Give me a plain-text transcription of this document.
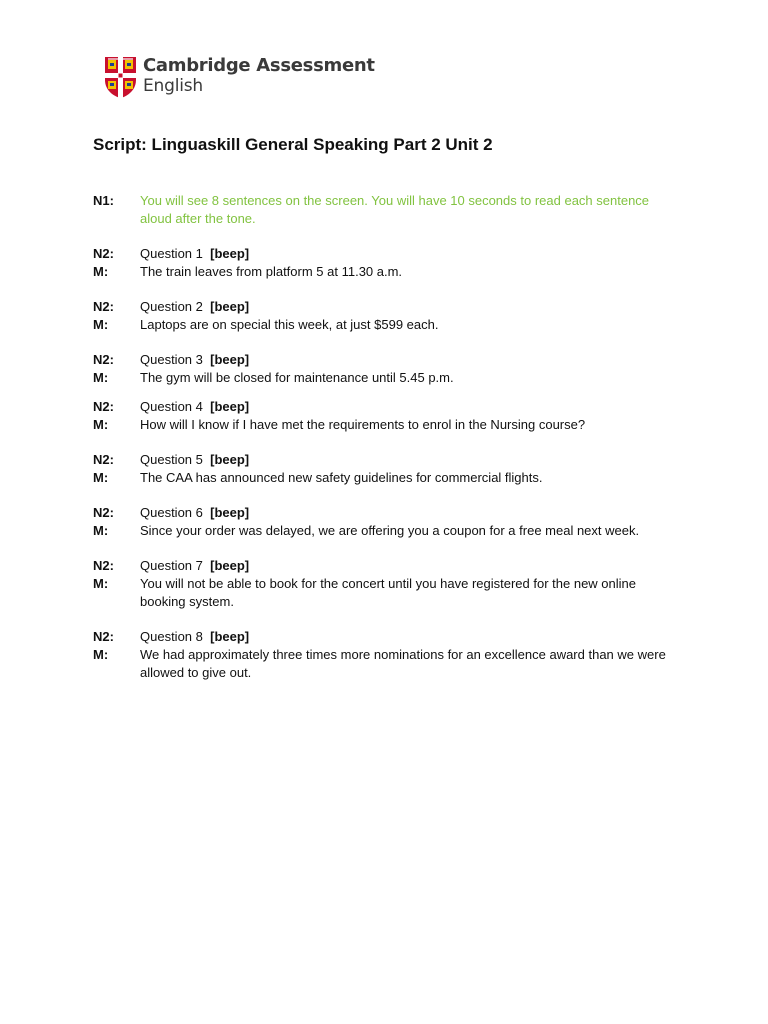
Cambridge Assessment
English
Script: Linguaskill General Speaking Part 2 Unit 2
N1:	You will see 8 sentences on the screen. You will have 10 seconds to read each sentence aloud after the tone.
N2:	Question 1 [beep]
M:	The train leaves from platform 5 at 11.30 a.m.
N2:	Question 2 [beep]
M:	Laptops are on special this week, at just $599 each.
N2:	Question 3 [beep]
M:	The gym will be closed for maintenance until 5.45 p.m.
N2:	Question 4 [beep]
M:	How will I know if I have met the requirements to enrol in the Nursing course?
N2:	Question 5 [beep]
M:	The CAA has announced new safety guidelines for commercial flights.
N2:	Question 6 [beep]
M:	Since your order was delayed, we are offering you a coupon for a free meal next week.
N2:	Question 7 [beep]
M:	You will not be able to book for the concert until you have registered for the new online booking system.
N2:	Question 8 [beep]
M:	We had approximately three times more nominations for an excellence award than we were allowed to give out.
